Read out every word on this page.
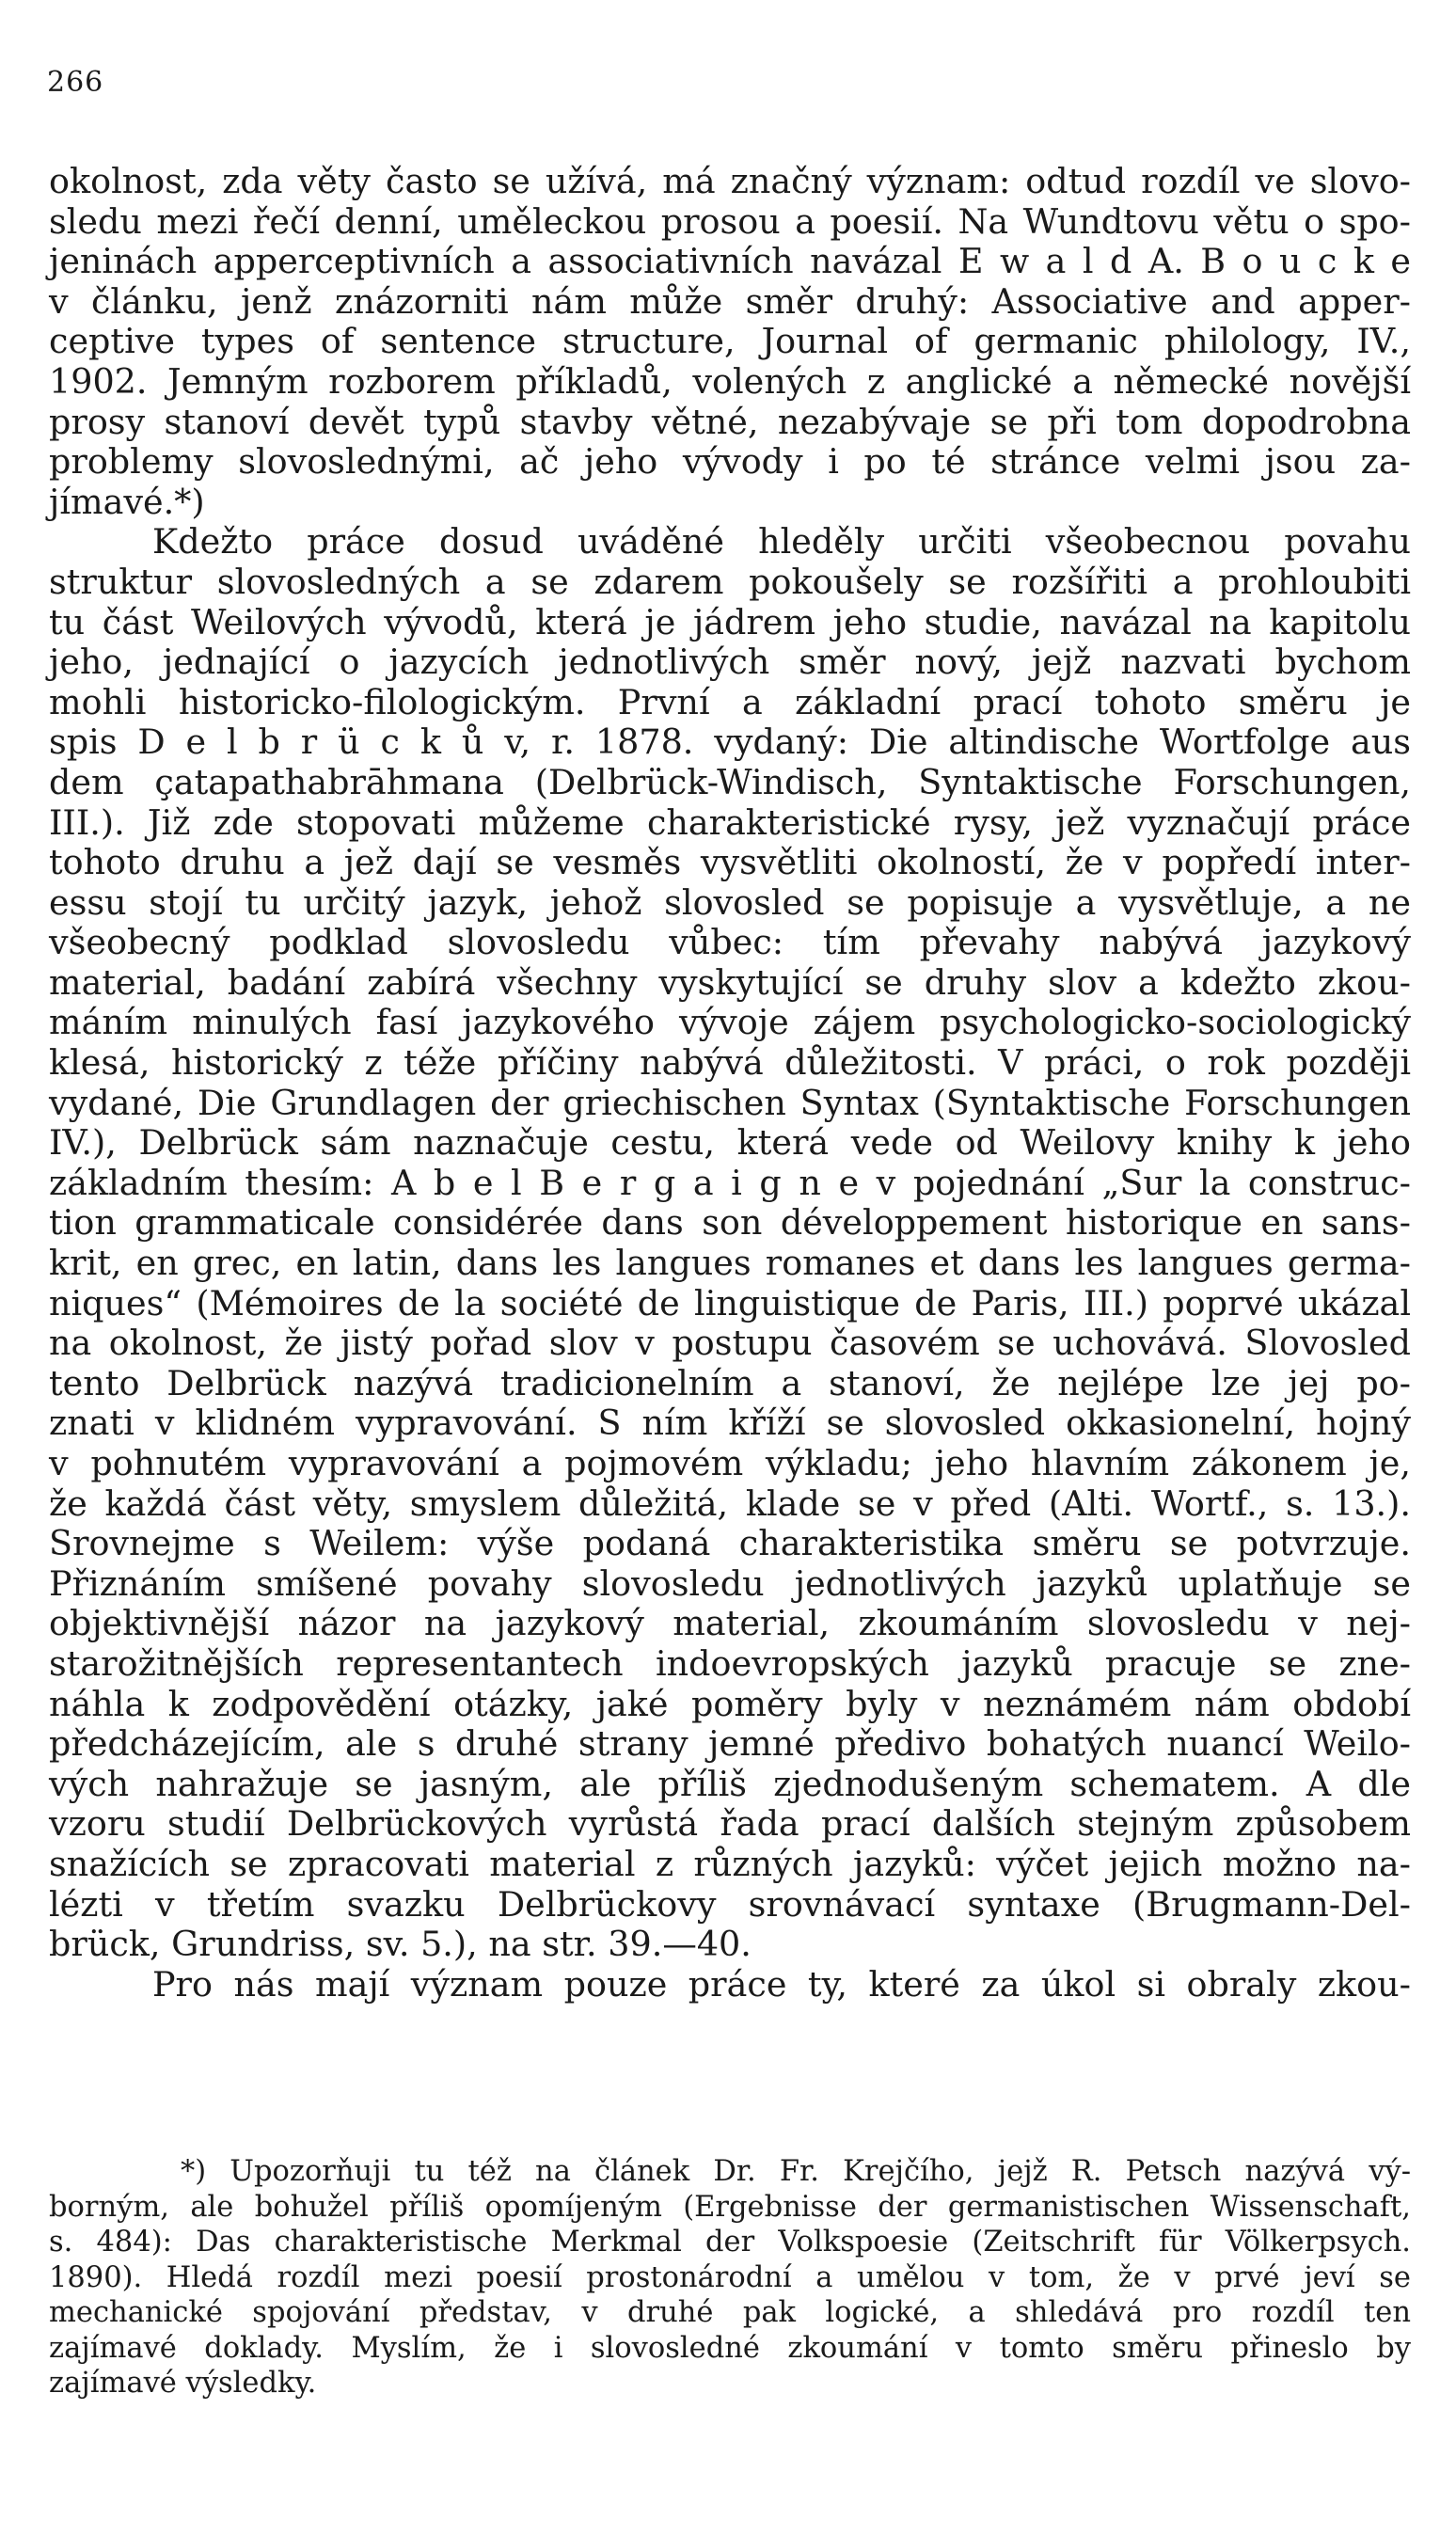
266
okolnost, zda věty často se užívá, má značný význam: odtud rozdíl ve slovo-
sledu mezi řečí denní, uměleckou prosou a poesií. Na Wundtovu větu o spo-
jeninách apperceptivních a associativních navázal E w a l d A. B o u c k e
v článku, jenž znázorniti nám může směr druhý: Associative and apper-
ceptive types of sentence structure, Journal of germanic philology, IV.,
1902. Jemným rozborem příkladů, volených z anglické a německé novější
prosy stanoví devět typů stavby větné, nezabývaje se při tom dopodrobna
problemy slovoslednými, ač jeho vývody i po té stránce velmi jsou za-
jímavé.*)
Kdežto práce dosud uváděné hleděly určiti všeobecnou povahu
struktur slovosledných a se zdarem pokoušely se rozšířiti a prohloubiti
tu část Weilových vývodů, která je jádrem jeho studie, navázal na kapitolu
jeho, jednající o jazycích jednotlivých směr nový, jejž nazvati bychom
mohli historicko-filologickým. První a základní prací tohoto směru je
spis D e l b r ü c k ů v, r. 1878. vydaný: Die altindische Wortfolge aus
dem çatapathabrāhmana (Delbrück-Windisch, Syntaktische Forschungen,
III.). Již zde stopovati můžeme charakteristické rysy, jež vyznačují práce
tohoto druhu a jež dají se vesměs vysvětliti okolností, že v popředí inter-
essu stojí tu určitý jazyk, jehož slovosled se popisuje a vysvětluje, a ne
všeobecný podklad slovosledu vůbec: tím převahy nabývá jazykový
material, badání zabírá všechny vyskytující se druhy slov a kdežto zkou-
máním minulých fasí jazykového vývoje zájem psychologicko-sociologický
klesá, historický z téže příčiny nabývá důležitosti. V práci, o rok později
vydané, Die Grundlagen der griechischen Syntax (Syntaktische Forschungen
IV.), Delbrück sám naznačuje cestu, která vede od Weilovy knihy k jeho
základním thesím: A b e l B e r g a i g n e v pojednání „Sur la construc-
tion grammaticale considérée dans son développement historique en sans-
krit, en grec, en latin, dans les langues romanes et dans les langues germa-
niques“ (Mémoires de la société de linguistique de Paris, III.) poprvé ukázal
na okolnost, že jistý pořad slov v postupu časovém se uchovává. Slovosled
tento Delbrück nazývá tradicionelním a stanoví, že nejlépe lze jej po-
znati v klidném vypravování. S ním kříží se slovosled okkasionelní, hojný
v pohnutém vypravování a pojmovém výkladu; jeho hlavním zákonem je,
že každá část věty, smyslem důležitá, klade se v před (Alti. Wortf., s. 13.).
Srovnejme s Weilem: výše podaná charakteristika směru se potvrzuje.
Přiznáním smíšené povahy slovosledu jednotlivých jazyků uplatňuje se
objektivnější názor na jazykový material, zkoumáním slovosledu v nej-
starožitnějších representantech indoevropských jazyků pracuje se zne-
náhla k zodpovědění otázky, jaké poměry byly v neznámém nám období
předcházejícím, ale s druhé strany jemné předivo bohatých nuancí Weilo-
vých nahražuje se jasným, ale příliš zjednodušeným schematem. A dle
vzoru studií Delbrückových vyrůstá řada prací dalších stejným způsobem
snažících se zpracovati material z různých jazyků: výčet jejich možno na-
lézti v třetím svazku Delbrückovy srovnávací syntaxe (Brugmann-Del-
brück, Grundriss, sv. 5.), na str. 39.—40.
Pro nás mají význam pouze práce ty, které za úkol si obraly zkou-
*) Upozorňuji tu též na článek Dr. Fr. Krejčího, jejž R. Petsch nazývá vý-
borným, ale bohužel příliš opomíjeným (Ergebnisse der germanistischen Wissenschaft,
s. 484): Das charakteristische Merkmal der Volkspoesie (Zeitschrift für Völkerpsych.
1890). Hledá rozdíl mezi poesií prostonárodní a umělou v tom, že v prvé jeví se
mechanické spojování představ, v druhé pak logické, a shledává pro rozdíl ten
zajímavé doklady. Myslím, že i slovosledné zkoumání v tomto směru přineslo by
zajímavé výsledky.
